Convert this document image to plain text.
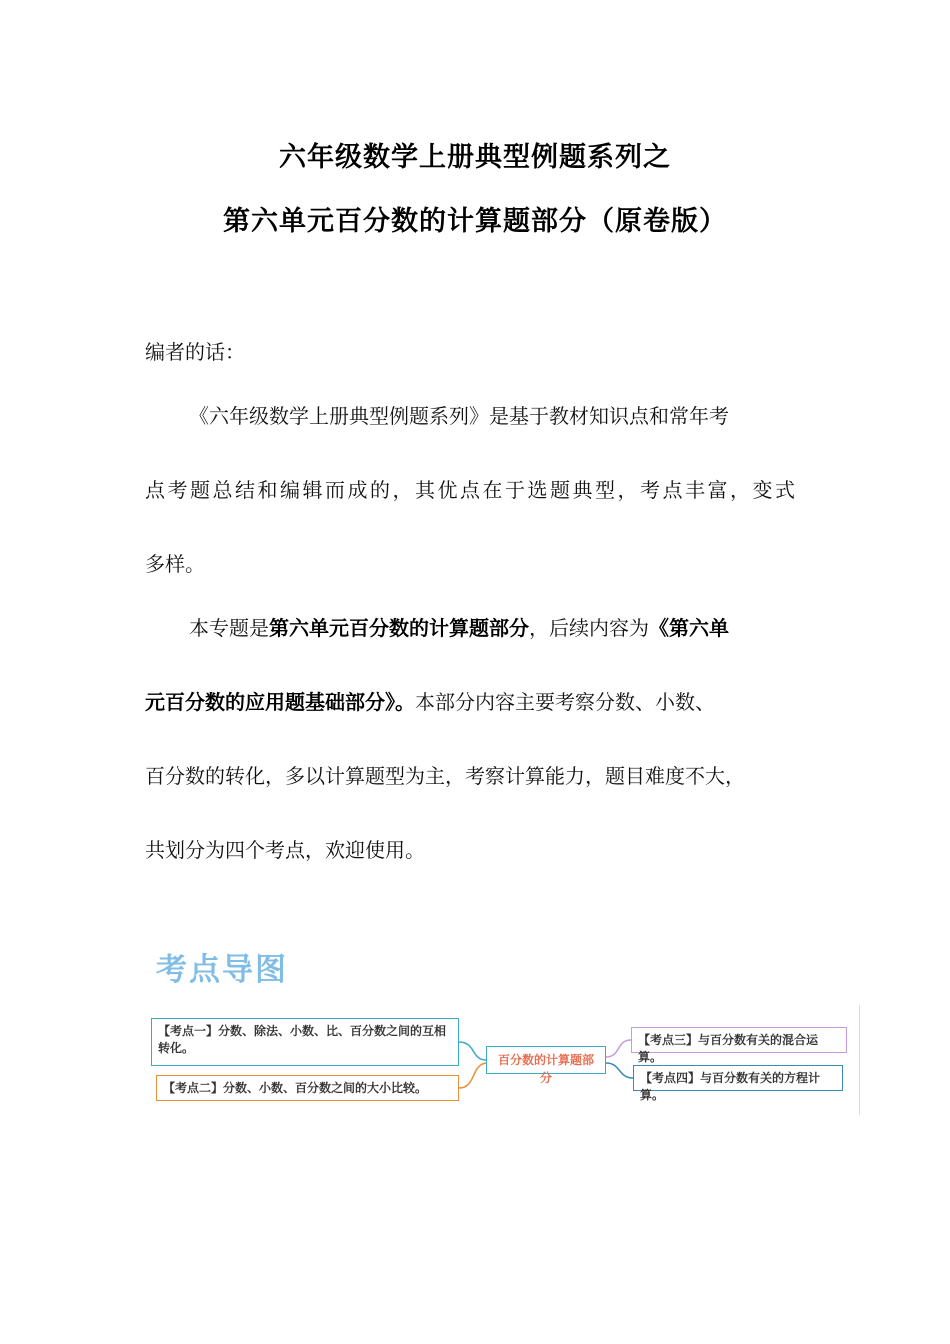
六年级数学上册典型例题系列之
第六单元百分数的计算题部分（原卷版）
编者的话：
《六年级数学上册典型例题系列》是基于教材知识点和常年考
点考题总结和编辑而成的，其优点在于选题典型，考点丰富，变式
多样。
本专题是第六单元百分数的计算题部分，后续内容为《第六单
元百分数的应用题基础部分》。本部分内容主要考察分数、小数、
百分数的转化，多以计算题型为主，考察计算能力，题目难度不大，
共划分为四个考点，欢迎使用。
考点导图
【考点一】分数、除法、小数、比、百分数之间的互相转化。
【考点二】分数、小数、百分数之间的大小比较。
百分数的计算题部分
【考点三】与百分数有关的混合运算。
【考点四】与百分数有关的方程计算。
